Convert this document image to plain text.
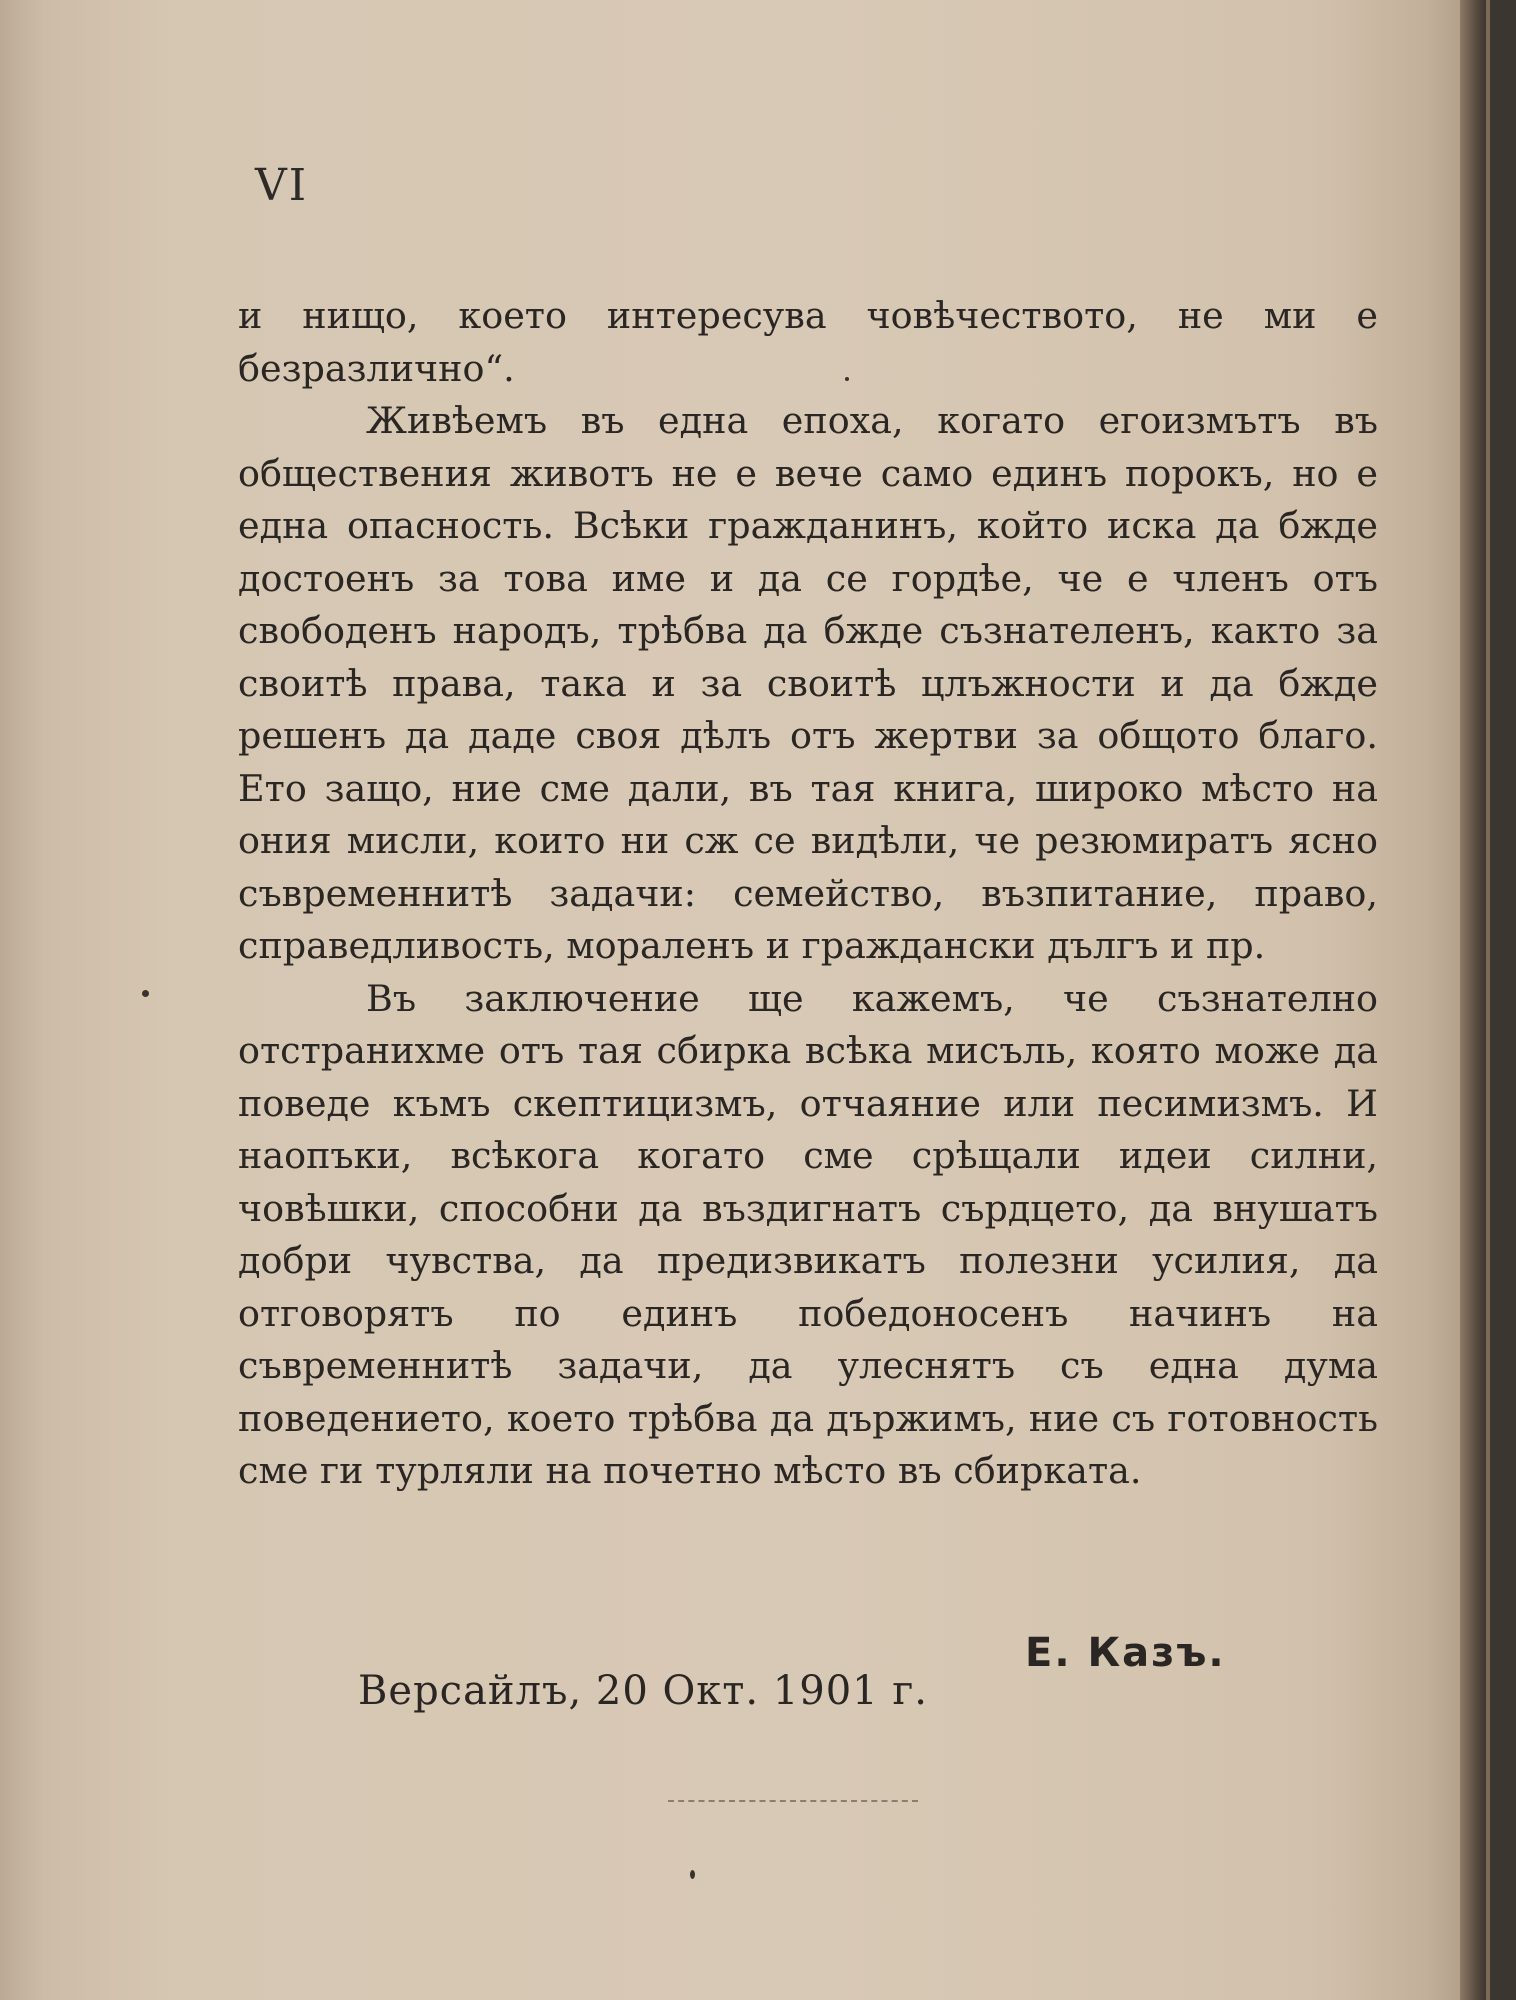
VI

и нищо, което интересува човѣчеството, не ми е безразлично“.

Живѣемъ въ една епоха, когато егоизмътъ въ обществения животъ не е вече само единъ порокъ, но е една опасность. Всѣки гражданинъ, който иска да бжде достоенъ за това име и да се гордѣе, че е членъ отъ свободенъ народъ, трѣбва да бжде съзнателенъ, както за своитѣ права, така и за своитѣ цлъжности и да бжде решенъ да даде своя дѣлъ отъ жертви за общото благо. Ето защо, ние сме дали, въ тая книга, широко мѣсто на ония мисли, които ни сж се видѣли, че резюмиратъ ясно съвременнитѣ задачи: семейство, възпитание, право, справедливость, моралeнъ и граждански дългъ и пр.

Въ заключение ще кажемъ, че съзнателно отстранихме отъ тая сбирка всѣка мисъль, която може да поведе къмъ скептицизмъ, отчаяние или песимизмъ. И наопъки, всѣкога когато сме срѣщали идеи силни, човѣшки, способни да въздигнатъ сърдцето, да внушатъ добри чувства, да предизвикатъ полезни усилия, да отговорятъ по единъ победоносенъ начинъ на съвременнитѣ задачи, да улеснятъ съ една дума поведението, което трѣбва да държимъ, ние съ готовность сме ги турляли на почетно мѣсто въ сбирката.

Е. Казъ.
Версайлъ, 20 Окт. 1901 г.
